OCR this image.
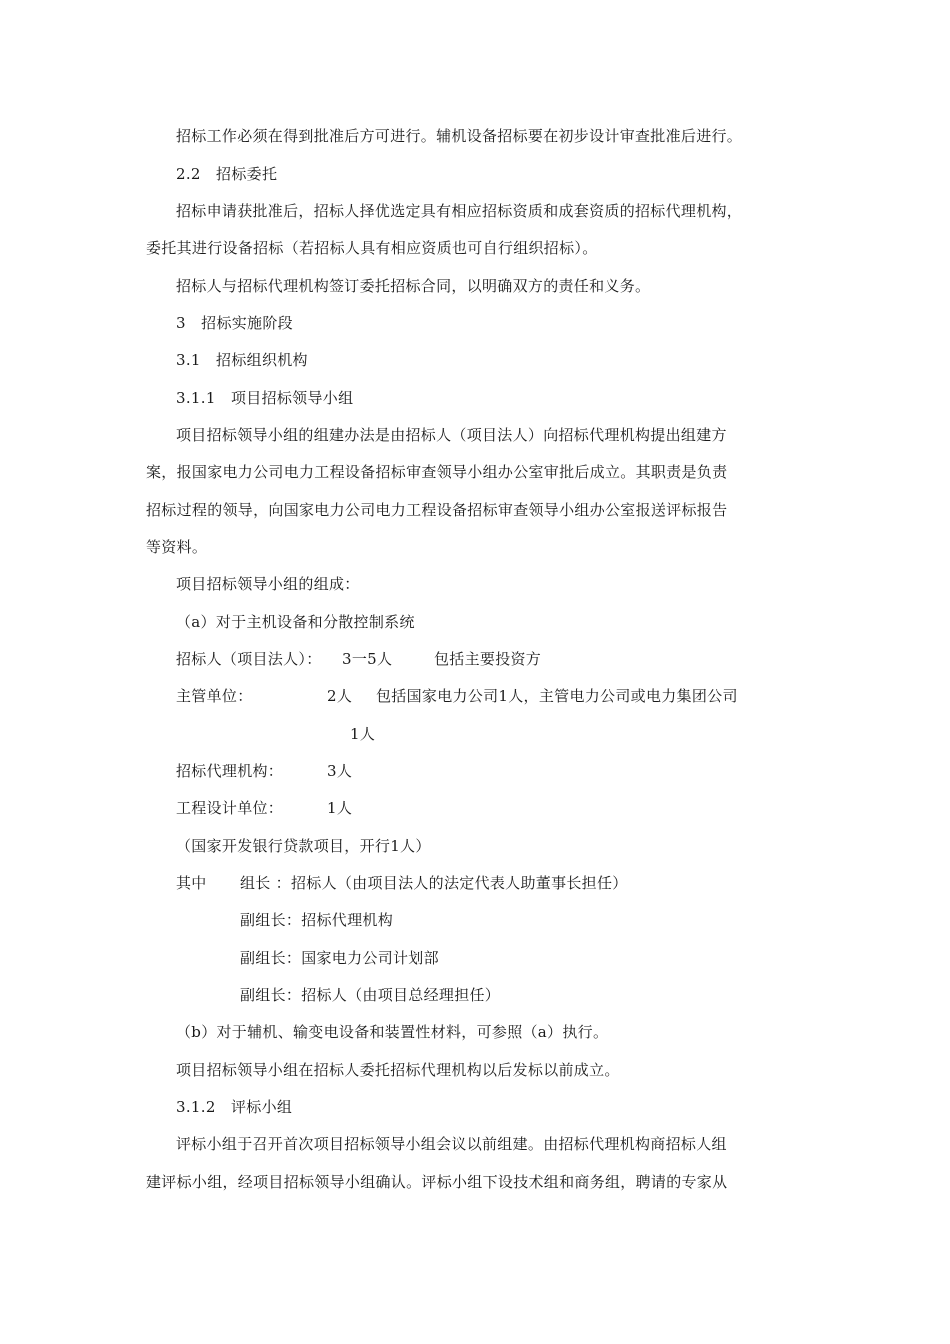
招标工作必须在得到批准后方可进行。辅机设备招标要在初步设计审查批准后进行。
2.2　招标委托
招标申请获批准后，招标人择优选定具有相应招标资质和成套资质的招标代理机构，
委托其进行设备招标（若招标人具有相应资质也可自行组织招标）。
招标人与招标代理机构签订委托招标合同，以明确双方的责任和义务。
3　招标实施阶段
3.1　招标组织机构
3.1.1　项目招标领导小组
项目招标领导小组的组建办法是由招标人（项目法人）向招标代理机构提出组建方
案，报国家电力公司电力工程设备招标审查领导小组办公室审批后成立。其职责是负责
招标过程的领导，向国家电力公司电力工程设备招标审查领导小组办公室报送评标报告
等资料。
项目招标领导小组的组成：
（a）对于主机设备和分散控制系统
招标人（项目法人）： 3一5人	包括主要投资方
主管单位：	2人 包括国家电力公司1人，主管电力公司或电力集团公司
1人
招标代理机构：	3人
工程设计单位：	1人
（国家开发银行贷款项目，开行1人）
其中 组长 ：招标人（由项目法人的法定代表人助董事长担任）
副组长：招标代理机构
副组长：国家电力公司计划部
副组长：招标人（由项目总经理担任）
（b）对于辅机、输变电设备和装置性材料，可参照（a）执行。
项目招标领导小组在招标人委托招标代理机构以后发标以前成立。
3.1.2　评标小组
评标小组于召开首次项目招标领导小组会议以前组建。由招标代理机构商招标人组
建评标小组，经项目招标领导小组确认。评标小组下设技术组和商务组，聘请的专家从
